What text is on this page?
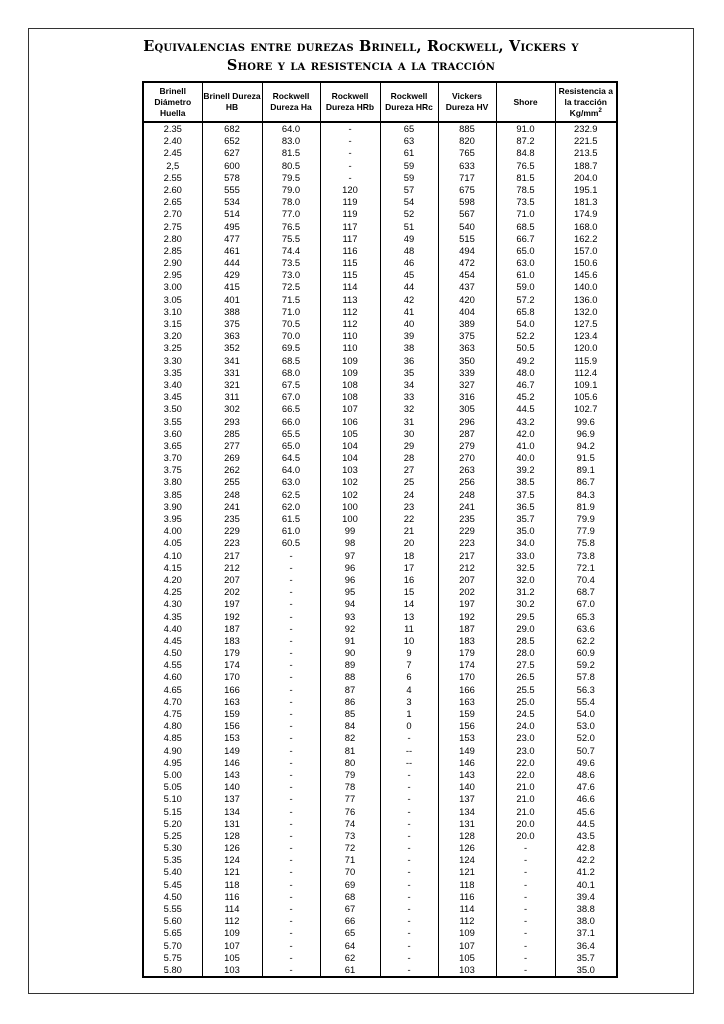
Equivalencias entre durezas Brinell, Rockwell, Vickers y
Shore y la resistencia a la tracción
Brinell Diámetro Huella	Brinell Dureza HB	Rockwell Dureza Ha	Rockwell Dureza HRb	Rockwell Dureza HRc	Vickers Dureza HV	Shore	Resistencia a la tracción $Kg/mm^2$
2.35	682	64.0	-	65	885	91.0	232.9
2.40	652	83.0	-	63	820	87.2	221.5
2.45	627	81.5	-	61	765	84.8	213.5
2,5	600	80.5	-	59	633	76.5	188.7
2.55	578	79.5	-	59	717	81.5	204.0
2.60	555	79.0	120	57	675	78.5	195.1
2.65	534	78.0	119	54	598	73.5	181.3
2.70	514	77.0	119	52	567	71.0	174.9
2.75	495	76.5	117	51	540	68.5	168.0
2.80	477	75.5	117	49	515	66.7	162.2
2.85	461	74.4	116	48	494	65.0	157.0
2.90	444	73.5	115	46	472	63.0	150.6
2.95	429	73.0	115	45	454	61.0	145.6
3.00	415	72.5	114	44	437	59.0	140.0
3.05	401	71.5	113	42	420	57.2	136.0
3.10	388	71.0	112	41	404	65.8	132.0
3.15	375	70.5	112	40	389	54.0	127.5
3.20	363	70.0	110	39	375	52.2	123.4
3.25	352	69.5	110	38	363	50.5	120.0
3.30	341	68.5	109	36	350	49.2	115.9
3.35	331	68.0	109	35	339	48.0	112.4
3.40	321	67.5	108	34	327	46.7	109.1
3.45	311	67.0	108	33	316	45.2	105.6
3.50	302	66.5	107	32	305	44.5	102.7
3.55	293	66.0	106	31	296	43.2	99.6
3.60	285	65.5	105	30	287	42.0	96.9
3.65	277	65.0	104	29	279	41.0	94.2
3.70	269	64.5	104	28	270	40.0	91.5
3.75	262	64.0	103	27	263	39.2	89.1
3.80	255	63.0	102	25	256	38.5	86.7
3.85	248	62.5	102	24	248	37.5	84.3
3.90	241	62.0	100	23	241	36.5	81.9
3.95	235	61.5	100	22	235	35.7	79.9
4.00	229	61.0	99	21	229	35.0	77.9
4.05	223	60.5	98	20	223	34.0	75.8
4.10	217	-	97	18	217	33.0	73.8
4.15	212	-	96	17	212	32.5	72.1
4.20	207	-	96	16	207	32.0	70.4
4.25	202	-	95	15	202	31.2	68.7
4.30	197	-	94	14	197	30.2	67.0
4.35	192	-	93	13	192	29.5	65.3
4.40	187	-	92	11	187	29.0	63.6
4.45	183	-	91	10	183	28.5	62.2
4.50	179	-	90	9	179	28.0	60.9
4.55	174	-	89	7	174	27.5	59.2
4.60	170	-	88	6	170	26.5	57.8
4.65	166	-	87	4	166	25.5	56.3
4.70	163	-	86	3	163	25.0	55.4
4.75	159	-	85	1	159	24.5	54.0
4.80	156	-	84	0	156	24.0	53.0
4.85	153	-	82	-	153	23.0	52.0
4.90	149	-	81	--	149	23.0	50.7
4.95	146	-	80	--	146	22.0	49.6
5.00	143	-	79	-	143	22.0	48.6
5.05	140	-	78	-	140	21.0	47.6
5.10	137	-	77	-	137	21.0	46.6
5.15	134	-	76	-	134	21.0	45.6
5.20	131	-	74	-	131	20.0	44.5
5.25	128	-	73	-	128	20.0	43.5
5.30	126	-	72	-	126	-	42.8
5.35	124	-	71	-	124	-	42.2
5.40	121	-	70	-	121	-	41.2
5.45	118	-	69	-	118	-	40.1
4.50	116	-	68	-	116	-	39.4
5.55	114	-	67	-	114	-	38.8
5.60	112	-	66	-	112	-	38.0
5.65	109	-	65	-	109	-	37.1
5.70	107	-	64	-	107	-	36.4
5.75	105	-	62	-	105	-	35.7
5.80	103	-	61	-	103	-	35.0
